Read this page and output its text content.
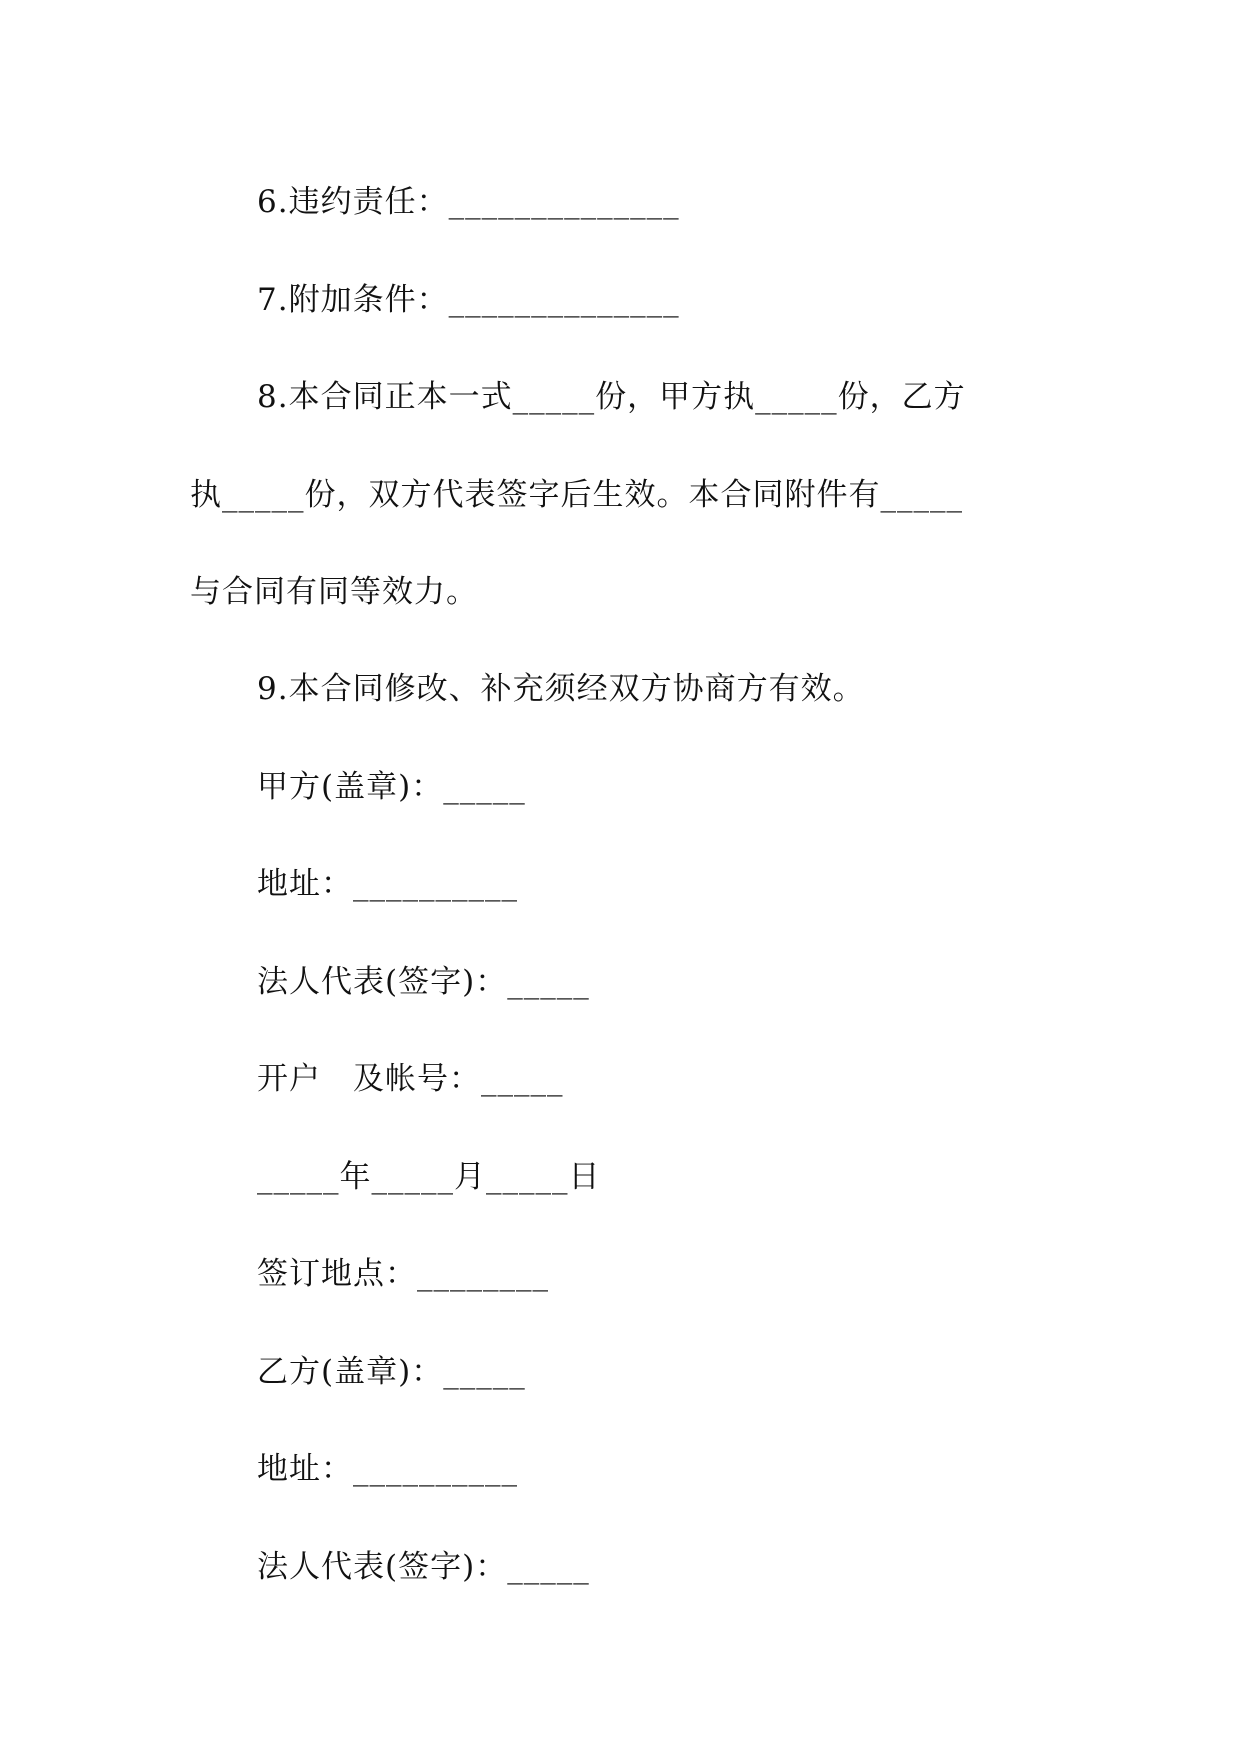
6.违约责任：______________

7.附加条件：______________

8.本合同正本一式_____份，甲方执_____份，乙方

执_____份，双方代表签字后生效。本合同附件有_____

与合同有同等效力。

9.本合同修改、补充须经双方协商方有效。

甲方(盖章)：_____

地址：__________

法人代表(签字)：_____

开户　及帐号：_____

_____年_____月_____日

签订地点：________

乙方(盖章)：_____

地址：__________

法人代表(签字)：_____
